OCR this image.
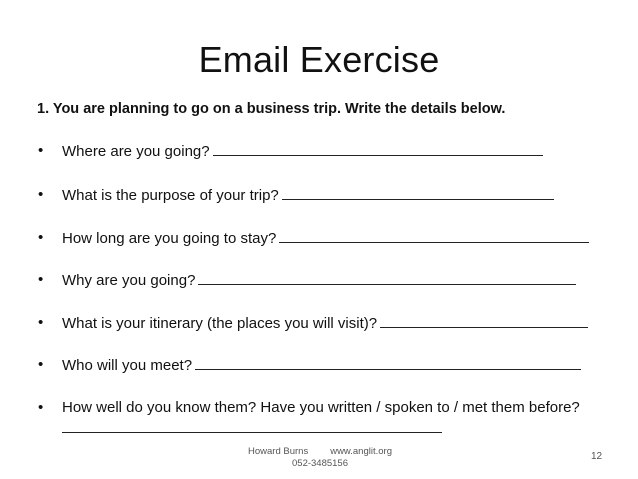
Email Exercise
1. You are planning to go on a business trip. Write the details below.
• Where are you going?
• What is the purpose of your trip?
• How long are you going to stay?
• Why are you going?
• What is your itinerary (the places you will visit)?
• Who will you meet?
• How well do you know them? Have you written / spoken to / met them before?
Howard Burns www.anglit.org
052-3485156
12
